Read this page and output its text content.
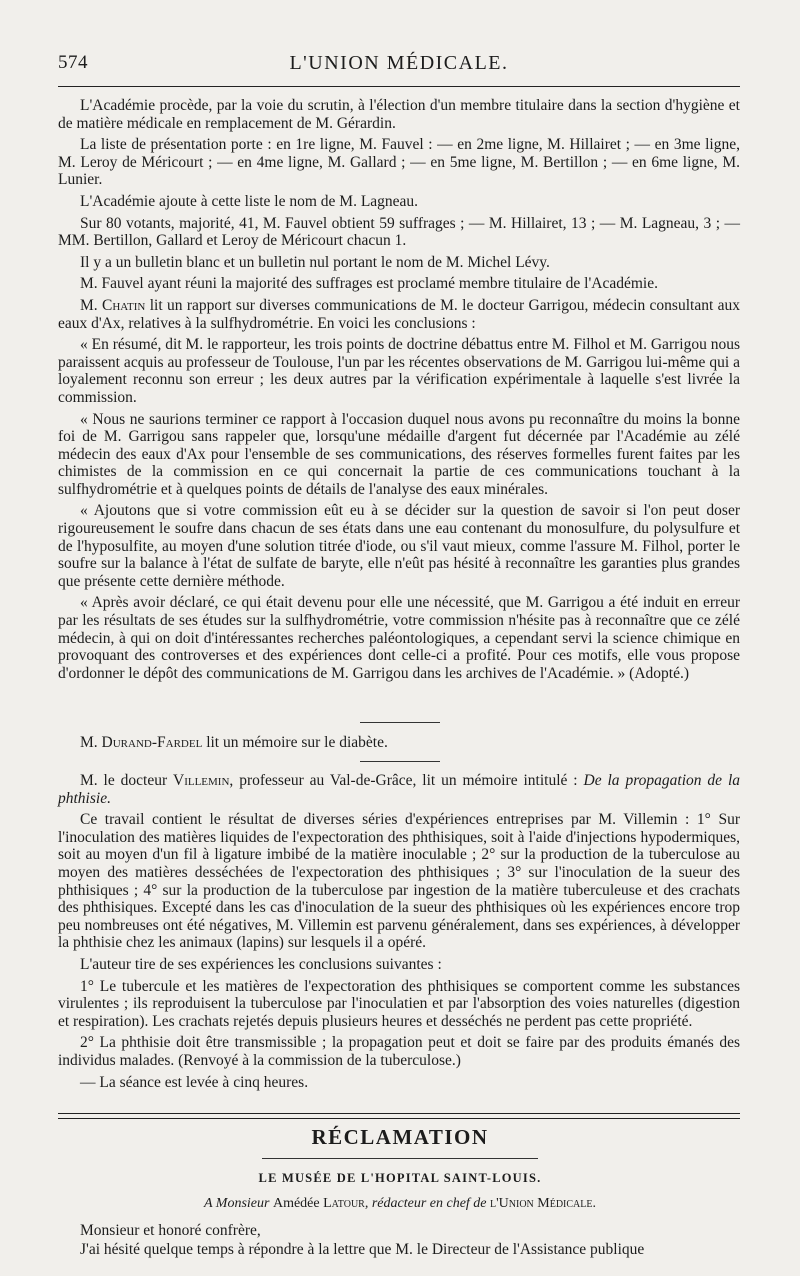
574	L'UNION MÉDICALE.

L'Académie procède, par la voie du scrutin, à l'élection d'un membre titulaire dans la section d'hygiène et de matière médicale en remplacement de M. Gérardin.

La liste de présentation porte : en 1re ligne, M. Fauvel : — en 2me ligne, M. Hillairet ; — en 3me ligne, M. Leroy de Méricourt ; — en 4me ligne, M. Gallard ; — en 5me ligne, M. Bertillon ; — en 6me ligne, M. Lunier.

L'Académie ajoute à cette liste le nom de M. Lagneau.

Sur 80 votants, majorité, 41, M. Fauvel obtient 59 suffrages ; — M. Hillairet, 13 ; — M. Lagneau, 3 ; — MM. Bertillon, Gallard et Leroy de Méricourt chacun 1.

Il y a un bulletin blanc et un bulletin nul portant le nom de M. Michel Lévy.

M. Fauvel ayant réuni la majorité des suffrages est proclamé membre titulaire de l'Académie.

M. Chatin lit un rapport sur diverses communications de M. le docteur Garrigou, médecin consultant aux eaux d'Ax, relatives à la sulfhydrométrie. En voici les conclusions :

« En résumé, dit M. le rapporteur, les trois points de doctrine débattus entre M. Filhol et M. Garrigou nous paraissent acquis au professeur de Toulouse, l'un par les récentes observations de M. Garrigou lui-même qui a loyalement reconnu son erreur ; les deux autres par la vérification expérimentale à laquelle s'est livrée la commission.

« Nous ne saurions terminer ce rapport à l'occasion duquel nous avons pu reconnaître du moins la bonne foi de M. Garrigou sans rappeler que, lorsqu'une médaille d'argent fut décernée par l'Académie au zélé médecin des eaux d'Ax pour l'ensemble de ses communications, des réserves formelles furent faites par les chimistes de la commission en ce qui concernait la partie de ces communications touchant à la sulfhydrométrie et à quelques points de détails de l'analyse des eaux minérales.

« Ajoutons que si votre commission eût eu à se décider sur la question de savoir si l'on peut doser rigoureusement le soufre dans chacun de ses états dans une eau contenant du monosulfure, du polysulfure et de l'hyposulfite, au moyen d'une solution titrée d'iode, ou s'il vaut mieux, comme l'assure M. Filhol, porter le soufre sur la balance à l'état de sulfate de baryte, elle n'eût pas hésité à reconnaître les garanties plus grandes que présente cette dernière méthode.

« Après avoir déclaré, ce qui était devenu pour elle une nécessité, que M. Garrigou a été induit en erreur par les résultats de ses études sur la sulfhydrométrie, votre commission n'hésite pas à reconnaître que ce zélé médecin, à qui on doit d'intéressantes recherches paléontologiques, a cependant servi la science chimique en provoquant des controverses et des expériences dont celle-ci a profité. Pour ces motifs, elle vous propose d'ordonner le dépôt des communications de M. Garrigou dans les archives de l'Académie. » (Adopté.)

M. Durand-Fardel lit un mémoire sur le diabète.

M. le docteur Villemin, professeur au Val-de-Grâce, lit un mémoire intitulé : De la propagation de la phthisie.

Ce travail contient le résultat de diverses séries d'expériences entreprises par M. Villemin : 1° Sur l'inoculation des matières liquides de l'expectoration des phthisiques, soit à l'aide d'injections hypodermiques, soit au moyen d'un fil à ligature imbibé de la matière inoculable ; 2° sur la production de la tuberculose au moyen des matières desséchées de l'expectoration des phthisiques ; 3° sur l'inoculation de la sueur des phthisiques ; 4° sur la production de la tuberculose par ingestion de la matière tuberculeuse et des crachats des phthisiques. Excepté dans les cas d'inoculation de la sueur des phthisiques où les expériences encore trop peu nombreuses ont été négatives, M. Villemin est parvenu généralement, dans ses expériences, à développer la phthisie chez les animaux (lapins) sur lesquels il a opéré.

L'auteur tire de ses expériences les conclusions suivantes :

1° Le tubercule et les matières de l'expectoration des phthisiques se comportent comme les substances virulentes ; ils reproduisent la tuberculose par l'inoculatien et par l'absorption des voies naturelles (digestion et respiration). Les crachats rejetés depuis plusieurs heures et desséchés ne perdent pas cette propriété.

2° La phthisie doit être transmissible ; la propagation peut et doit se faire par des produits émanés des individus malades. (Renvoyé à la commission de la tuberculose.)

— La séance est levée à cinq heures.

RÉCLAMATION
LE MUSÉE DE L'HOPITAL SAINT-LOUIS.
A Monsieur Amédée Latour, rédacteur en chef de l'Union Médicale.

Monsieur et honoré confrère,

J'ai hésité quelque temps à répondre à la lettre que M. le Directeur de l'Assistance publique
